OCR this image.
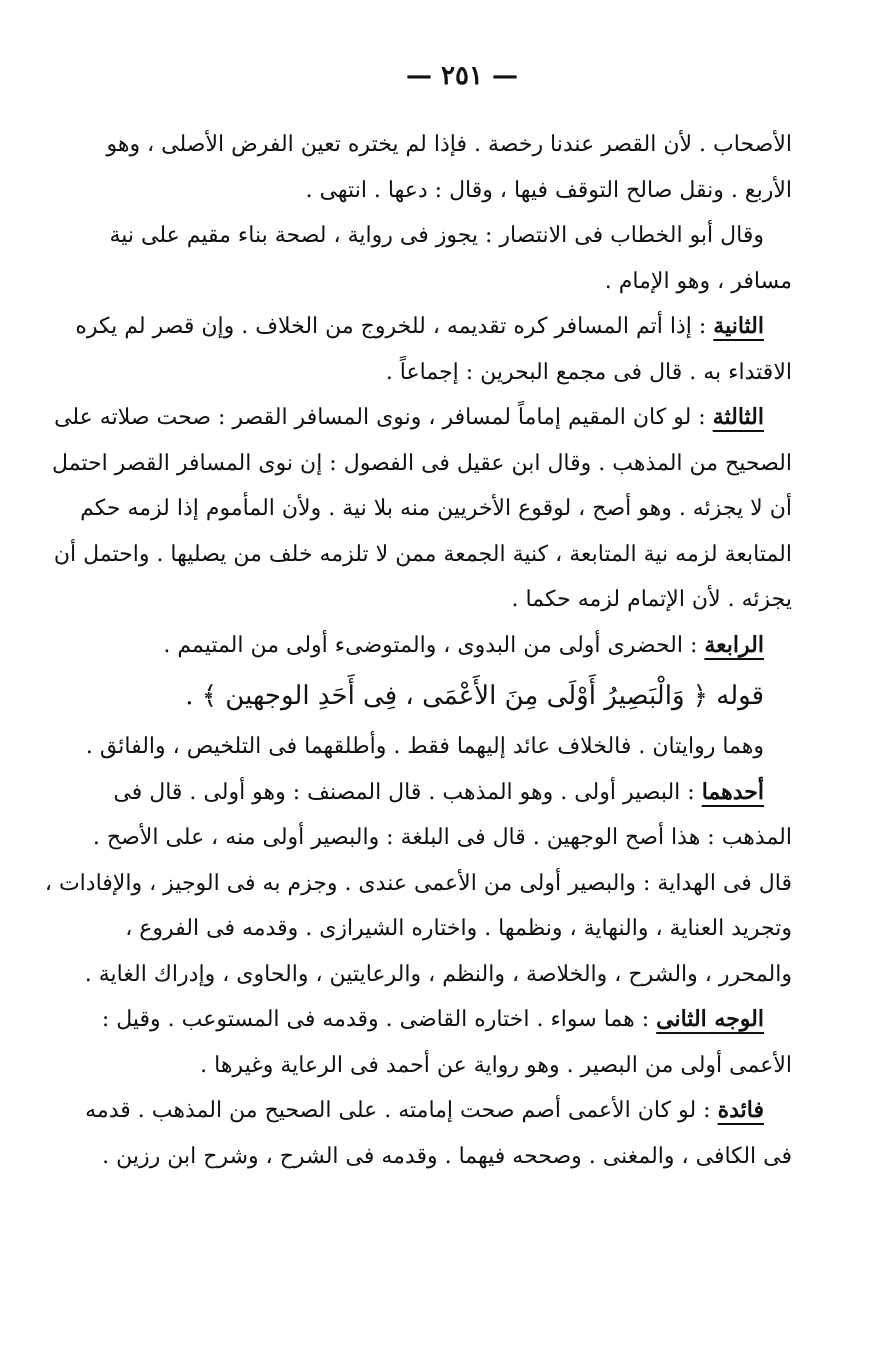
— ٢٥١ —
الأصحاب . لأن القصر عندنا رخصة . فإذا لم يختره تعين الفرض الأصلى ، وهو
الأربع . ونقل صالح التوقف فيها ، وقال : دعها . انتهى .
وقال أبو الخطاب فى الانتصار : يجوز فى رواية ، لصحة بناء مقيم على نية
مسافر ، وهو الإمام .
الثانية : إذا أتم المسافر كره تقديمه ، للخروج من الخلاف . وإن قصر لم يكره
الاقتداء به . قال فى مجمع البحرين : إجماعاً .
الثالثة : لو كان المقيم إماماً لمسافر ، ونوى المسافر القصر : صحت صلاته على
الصحيح من المذهب . وقال ابن عقيل فى الفصول : إن نوى المسافر القصر احتمل
أن لا يجزئه . وهو أصح ، لوقوع الأخريين منه بلا نية . ولأن المأموم إذا لزمه حكم
المتابعة لزمه نية المتابعة ، كنية الجمعة ممن لا تلزمه خلف من يصليها . واحتمل أن
يجزئه . لأن الإتمام لزمه حكما .
الرابعة : الحضرى أولى من البدوى ، والمتوضىء أولى من المتيمم .
قوله ﴿ وَالْبَصِيرُ أَوْلَى مِنَ الأَعْمَى ، فِى أَحَدِ الوجهين ﴾ .
وهما روايتان . فالخلاف عائد إليهما فقط . وأطلقهما فى التلخيص ، والفائق .
أحدهما : البصير أولى . وهو المذهب . قال المصنف : وهو أولى . قال فى
المذهب : هذا أصح الوجهين . قال فى البلغة : والبصير أولى منه ، على الأصح .
قال فى الهداية : والبصير أولى من الأعمى عندى . وجزم به فى الوجيز ، والإفادات ،
وتجريد العناية ، والنهاية ، ونظمها . واختاره الشيرازى . وقدمه فى الفروع ،
والمحرر ، والشرح ، والخلاصة ، والنظم ، والرعايتين ، والحاوى ، وإدراك الغاية .
الوجه الثانى : هما سواء . اختاره القاضى . وقدمه فى المستوعب . وقيل :
الأعمى أولى من البصير . وهو رواية عن أحمد فى الرعاية وغيرها .
فائدة : لو كان الأعمى أصم صحت إمامته . على الصحيح من المذهب . قدمه
فى الكافى ، والمغنى . وصححه فيهما . وقدمه فى الشرح ، وشرح ابن رزين .
